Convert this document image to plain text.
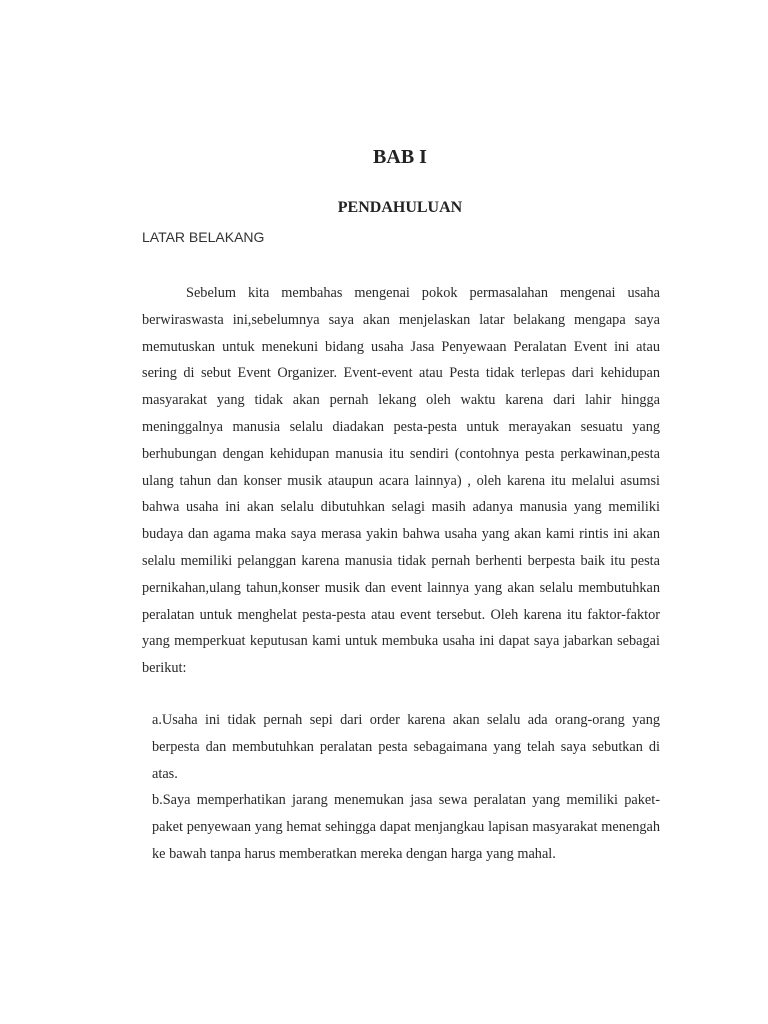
BAB I
PENDAHULUAN

LATAR BELAKANG

Sebelum kita membahas mengenai pokok permasalahan mengenai usaha berwiraswasta ini,sebelumnya saya akan menjelaskan latar belakang mengapa saya memutuskan untuk menekuni bidang usaha Jasa Penyewaan Peralatan Event ini atau sering di sebut Event Organizer. Event-event atau Pesta tidak terlepas dari kehidupan masyarakat yang tidak akan pernah lekang oleh waktu karena dari lahir hingga meninggalnya manusia selalu diadakan pesta-pesta untuk merayakan sesuatu yang berhubungan dengan kehidupan manusia itu sendiri (contohnya pesta perkawinan,pesta ulang tahun dan konser musik ataupun acara lainnya) , oleh karena itu melalui asumsi bahwa usaha ini akan selalu dibutuhkan selagi masih adanya manusia yang memiliki budaya dan agama maka saya merasa yakin bahwa usaha yang akan kami rintis ini akan selalu memiliki pelanggan karena manusia tidak pernah berhenti berpesta baik itu pesta pernikahan,ulang tahun,konser musik dan event lainnya yang akan selalu membutuhkan peralatan untuk menghelat pesta-pesta atau event tersebut. Oleh karena itu faktor-faktor yang memperkuat keputusan kami untuk membuka usaha ini dapat saya jabarkan sebagai berikut:

a.Usaha ini tidak pernah sepi dari order karena akan selalu ada orang-orang yang berpesta dan membutuhkan peralatan pesta sebagaimana yang telah saya sebutkan di atas.

b.Saya memperhatikan jarang menemukan jasa sewa peralatan yang memiliki paket-paket penyewaan yang hemat sehingga dapat menjangkau lapisan masyarakat menengah ke bawah tanpa harus memberatkan mereka dengan harga yang mahal.
